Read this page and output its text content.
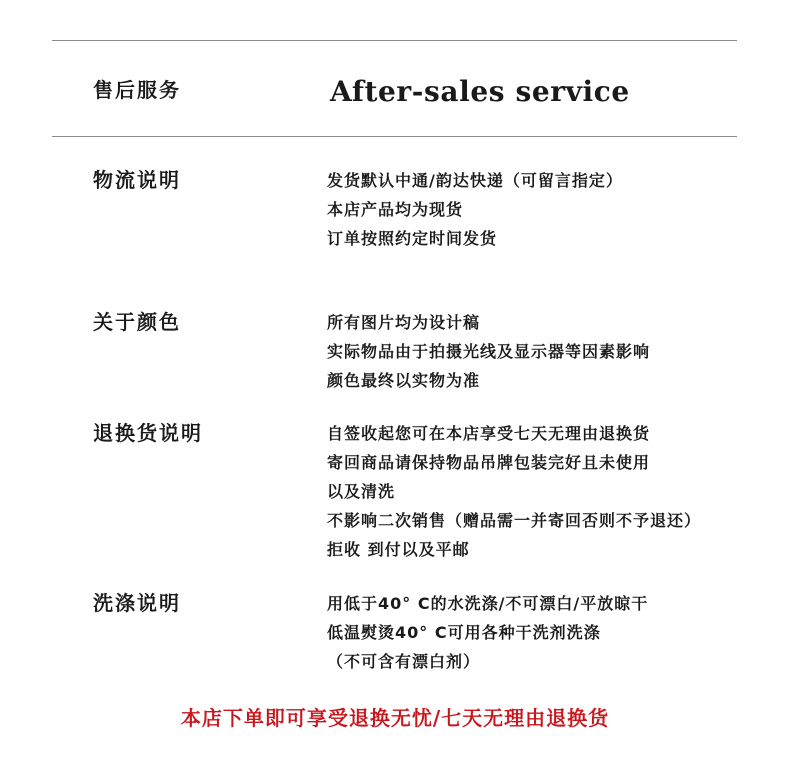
售后服务	After-sales service
物流说明	发货默认中通/韵达快递（可留言指定）
本店产品均为现货
订单按照约定时间发货
关于颜色	所有图片均为设计稿
实际物品由于拍摄光线及显示器等因素影响
颜色最终以实物为准
退换货说明	自签收起您可在本店享受七天无理由退换货
寄回商品请保持物品吊牌包装完好且未使用
以及清洗
不影响二次销售（赠品需一并寄回否则不予退还）
拒收 到付以及平邮
洗涤说明	用低于40° C的水洗涤/不可漂白/平放晾干
低温熨烫40° C可用各种干洗剂洗涤
（不可含有漂白剂）
本店下单即可享受退换无忧/七天无理由退换货
